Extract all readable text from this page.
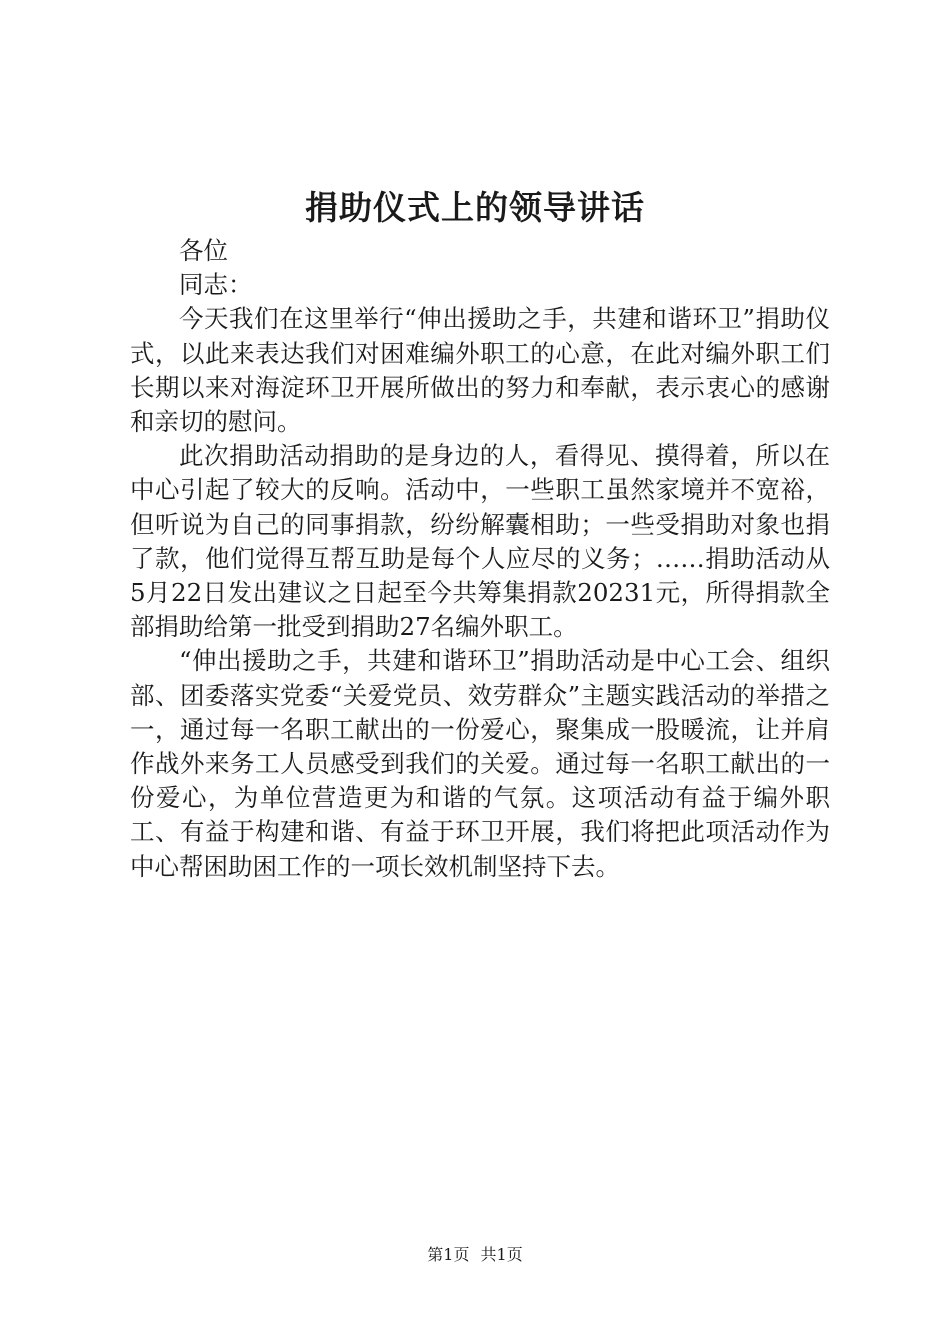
捐助仪式上的领导讲话

各位

同志：

今天我们在这里举行“伸出援助之手，共建和谐环卫”捐助仪式，以此来表达我们对困难编外职工的心意，在此对编外职工们长期以来对海淀环卫开展所做出的努力和奉献，表示衷心的感谢和亲切的慰问。

此次捐助活动捐助的是身边的人，看得见、摸得着，所以在中心引起了较大的反响。活动中，一些职工虽然家境并不宽裕，但听说为自己的同事捐款，纷纷解囊相助；一些受捐助对象也捐了款，他们觉得互帮互助是每个人应尽的义务；……捐助活动从5月22日发出建议之日起至今共筹集捐款20231元，所得捐款全部捐助给第一批受到捐助27名编外职工。

“伸出援助之手，共建和谐环卫”捐助活动是中心工会、组织部、团委落实党委“关爱党员、效劳群众”主题实践活动的举措之一，通过每一名职工献出的一份爱心，聚集成一股暖流，让并肩作战外来务工人员感受到我们的关爱。通过每一名职工献出的一份爱心，为单位营造更为和谐的气氛。这项活动有益于编外职工、有益于构建和谐、有益于环卫开展，我们将把此项活动作为中心帮困助困工作的一项长效机制坚持下去。

第1页 共1页
